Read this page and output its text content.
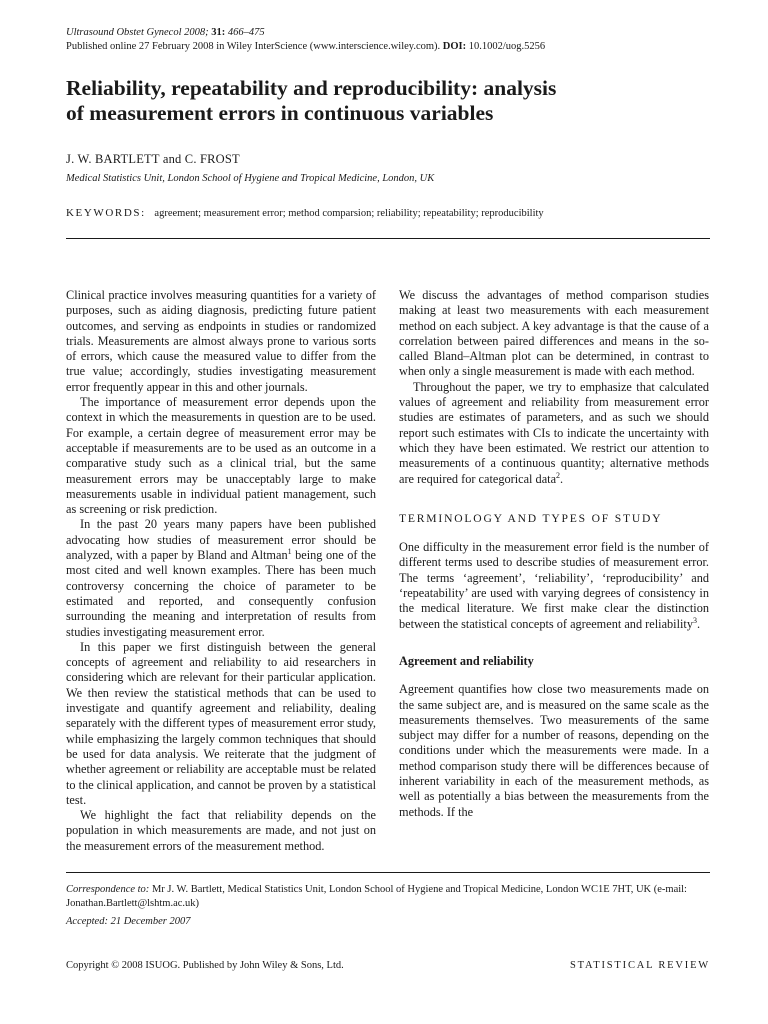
Ultrasound Obstet Gynecol 2008; 31: 466–475
Published online 27 February 2008 in Wiley InterScience (www.interscience.wiley.com). DOI: 10.1002/uog.5256
Reliability, repeatability and reproducibility: analysis
of measurement errors in continuous variables
J. W. BARTLETT and C. FROST
Medical Statistics Unit, London School of Hygiene and Tropical Medicine, London, UK
KEYWORDS: agreement; measurement error; method comparsion; reliability; repeatability; reproducibility

Clinical practice involves measuring quantities for a variety of purposes, such as aiding diagnosis, predicting future patient outcomes, and serving as endpoints in studies or randomized trials. Measurements are almost always prone to various sorts of errors, which cause the measured value to differ from the true value; accordingly, studies investigating measurement error frequently appear in this and other journals.

The importance of measurement error depends upon the context in which the measurements in question are to be used. For example, a certain degree of measurement error may be acceptable if measurements are to be used as an outcome in a comparative study such as a clinical trial, but the same measurement errors may be unacceptably large to make measurements usable in individual patient management, such as screening or risk prediction.

In the past 20 years many papers have been published advocating how studies of measurement error should be analyzed, with a paper by Bland and Altman$^1$ being one of the most cited and well known examples. There has been much controversy concerning the choice of parameter to be estimated and reported, and consequently confusion surrounding the meaning and interpretation of results from studies investigating measurement error.

In this paper we first distinguish between the general concepts of agreement and reliability to aid researchers in considering which are relevant for their particular application. We then review the statistical methods that can be used to investigate and quantify agreement and reliability, dealing separately with the different types of measurement error study, while emphasizing the largely common techniques that should be used for data analysis. We reiterate that the judgment of whether agreement or reliability are acceptable must be related to the clinical application, and cannot be proven by a statistical test.

We highlight the fact that reliability depends on the population in which measurements are made, and not just on the measurement errors of the measurement method.

We discuss the advantages of method comparison studies making at least two measurements with each measurement method on each subject. A key advantage is that the cause of a correlation between paired differences and means in the so-called Bland–Altman plot can be determined, in contrast to when only a single measurement is made with each method.

Throughout the paper, we try to emphasize that calculated values of agreement and reliability from measurement error studies are estimates of parameters, and as such we should report such estimates with CIs to indicate the uncertainty with which they have been estimated. We restrict our attention to measurements of a continuous quantity; alternative methods are required for categorical data$^2$.

TERMINOLOGY AND TYPES OF STUDY

One difficulty in the measurement error field is the number of different terms used to describe studies of measurement error. The terms ‘agreement’, ‘reliability’, ‘reproducibility’ and ‘repeatability’ are used with varying degrees of consistency in the medical literature. We first make clear the distinction between the statistical concepts of agreement and reliability$^3$.

Agreement and reliability

Agreement quantifies how close two measurements made on the same subject are, and is measured on the same scale as the measurements themselves. Two measurements of the same subject may differ for a number of reasons, depending on the conditions under which the measurements were made. In a method comparison study there will be differences because of inherent variability in each of the measurement methods, as well as potentially a bias between the measurements from the methods. If the

Correspondence to: Mr J. W. Bartlett, Medical Statistics Unit, London School of Hygiene and Tropical Medicine, London WC1E 7HT, UK (e-mail: Jonathan.Bartlett@lshtm.ac.uk)
Accepted: 21 December 2007
Copyright © 2008 ISUOG. Published by John Wiley & Sons, Ltd.	STATISTICAL REVIEW
